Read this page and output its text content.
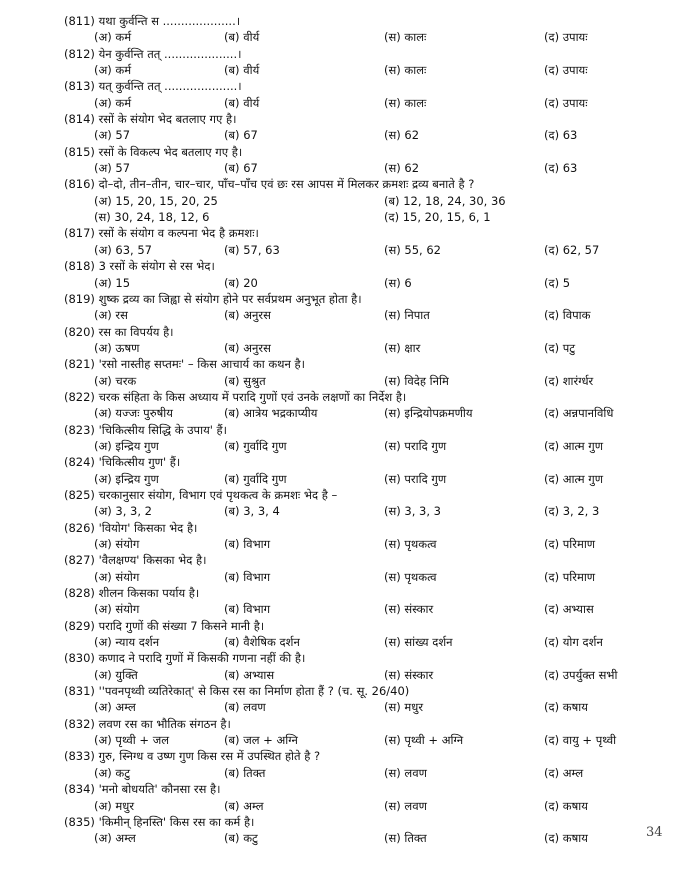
(811) यथा कुर्वन्ति स ....................।
(अ) कर्म	(ब) वीर्य	(स) कालः	(द) उपायः
(812) येन कुर्वन्ति तत् ....................।
(अ) कर्म	(ब) वीर्य	(स) कालः	(द) उपायः
(813) यत् कुर्वन्ति तत् ....................।
(अ) कर्म	(ब) वीर्य	(स) कालः	(द) उपायः
(814) रसों के संयोग भेद बतलाए गए है।
(अ) 57	(ब) 67	(स) 62	(द) 63
(815) रसों के विकल्प भेद बतलाए गए है।
(अ) 57	(ब) 67	(स) 62	(द) 63
(816) दो–दो, तीन–तीन, चार–चार, पाँच–पाँच एवं छः रस आपस में मिलकर क्रमशः द्रव्य बनाते है ?
(अ) 15, 20, 15, 20, 25	(ब) 12, 18, 24, 30, 36
(स) 30, 24, 18, 12, 6	(द) 15, 20, 15, 6, 1
(817) रसों के संयोग व कल्पना भेद है क्रमशः।
(अ) 63, 57	(ब) 57, 63	(स) 55, 62	(द) 62, 57
(818) 3 रसों के संयोग से रस भेद।
(अ) 15	(ब) 20	(स) 6	(द) 5
(819) शुष्क द्रव्य का जिह्वा से संयोग होने पर सर्वप्रथम अनुभूत होता है।
(अ) रस	(ब) अनुरस	(स) निपात	(द) विपाक
(820) रस का विपर्यय है।
(अ) ऊषण	(ब) अनुरस	(स) क्षार	(द) पटु
(821) 'रसो नास्तीह सप्तमः' – किस आचार्य का कथन है।
(अ) चरक	(ब) सुश्रुत	(स) विदेह निमि	(द) शारंर्ग्धर
(822) चरक संहिता के किस अध्याय में परादि गुणों एवं उनके लक्षणों का निर्देश है।
(अ) यज्जः पुरुषीय	(ब) आत्रेय भद्रकाप्यीय	(स) इन्द्रियोपक्रमणीय	(द) अन्नपानविधि
(823) 'चिकित्सीय सिद्धि के उपाय' हैं।
(अ) इन्द्रिय गुण	(ब) गुर्वादि गुण	(स) परादि गुण	(द) आत्म गुण
(824) 'चिकित्सीय गुण' हैं।
(अ) इन्द्रिय गुण	(ब) गुर्वादि गुण	(स) परादि गुण	(द) आत्म गुण
(825) चरकानुसार संयोग, विभाग एवं पृथकत्व के क्रमशः भेद है –
(अ) 3, 3, 2	(ब) 3, 3, 4	(स) 3, 3, 3	(द) 3, 2, 3
(826) 'वियोग' किसका भेद है।
(अ) संयोग	(ब) विभाग	(स) पृथकत्व	(द) परिमाण
(827) 'वैलक्षण्य' किसका भेद है।
(अ) संयोग	(ब) विभाग	(स) पृथकत्व	(द) परिमाण
(828) शीलन किसका पर्याय है।
(अ) संयोग	(ब) विभाग	(स) संस्कार	(द) अभ्यास
(829) परादि गुणों की संख्या 7 किसने मानी है।
(अ) न्याय दर्शन	(ब) वैशेषिक दर्शन	(स) सांख्य दर्शन	(द) योग दर्शन
(830) कणाद ने परादि गुणों में किसकी गणना नहीं की है।
(अ) युक्ति	(ब) अभ्यास	(स) संस्कार	(द) उपर्युक्त सभी
(831) ''पवनपृथ्वी व्यतिरेकात्' से किस रस का निर्माण होता हैं ? (च. सू. 26/40)
(अ) अम्ल	(ब) लवण	(स) मधुर	(द) कषाय
(832) लवण रस का भौतिक संगठन है।
(अ) पृथ्वी + जल	(ब) जल + अग्नि	(स) पृथ्वी + अग्नि	(द) वायु + पृथ्वी
(833) गुरु, स्निग्ध व उष्ण गुण किस रस में उपस्थित होते है ?
(अ) कटु	(ब) तिक्त	(स) लवण	(द) अम्ल
(834) 'मनो बोधयति' कौनसा रस है।
(अ) मधुर	(ब) अम्ल	(स) लवण	(द) कषाय
(835) 'किमीन् हिनस्ति' किस रस का कर्म है।
(अ) अम्ल	(ब) कटु	(स) तिक्त	(द) कषाय	34
